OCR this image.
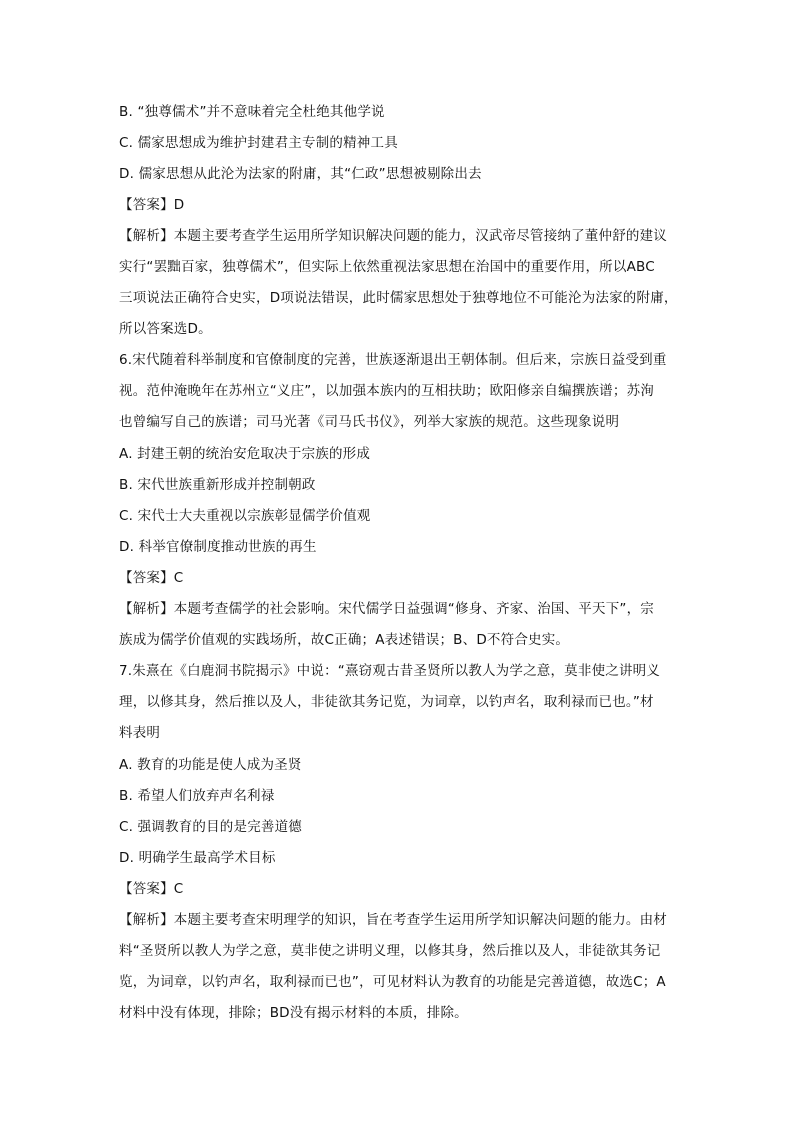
B. “独尊儒术”并不意味着完全杜绝其他学说
C. 儒家思想成为维护封建君主专制的精神工具
D. 儒家思想从此沦为法家的附庸，其“仁政”思想被剔除出去
【答案】D
【解析】本题主要考查学生运用所学知识解决问题的能力，汉武帝尽管接纳了董仲舒的建议
实行“罢黜百家，独尊儒术”，但实际上依然重视法家思想在治国中的重要作用，所以ABC
三项说法正确符合史实，D项说法错误，此时儒家思想处于独尊地位不可能沦为法家的附庸，
所以答案选D。
6.宋代随着科举制度和官僚制度的完善，世族逐渐退出王朝体制。但后来，宗族日益受到重
视。范仲淹晚年在苏州立“义庄”，以加强本族内的互相扶助；欧阳修亲自编撰族谱；苏洵
也曾编写自己的族谱；司马光著《司马氏书仪》，列举大家族的规范。这些现象说明
A. 封建王朝的统治安危取决于宗族的形成
B. 宋代世族重新形成并控制朝政
C. 宋代士大夫重视以宗族彰显儒学价值观
D. 科举官僚制度推动世族的再生
【答案】C
【解析】本题考查儒学的社会影响。宋代儒学日益强调“修身、齐家、治国、平天下”，宗
族成为儒学价值观的实践场所，故C正确；A表述错误；B、D不符合史实。
7.朱熹在《白鹿洞书院揭示》中说：“熹窃观古昔圣贤所以教人为学之意，莫非使之讲明义
理，以修其身，然后推以及人，非徒欲其务记览，为词章，以钓声名，取利禄而已也。”材
料表明
A. 教育的功能是使人成为圣贤
B. 希望人们放弃声名利禄
C. 强调教育的目的是完善道德
D. 明确学生最高学术目标
【答案】C
【解析】本题主要考查宋明理学的知识，旨在考查学生运用所学知识解决问题的能力。由材
料“圣贤所以教人为学之意，莫非使之讲明义理，以修其身，然后推以及人，非徒欲其务记
览，为词章，以钓声名，取利禄而已也”，可见材料认为教育的功能是完善道德，故选C；A
材料中没有体现，排除；BD没有揭示材料的本质，排除。
